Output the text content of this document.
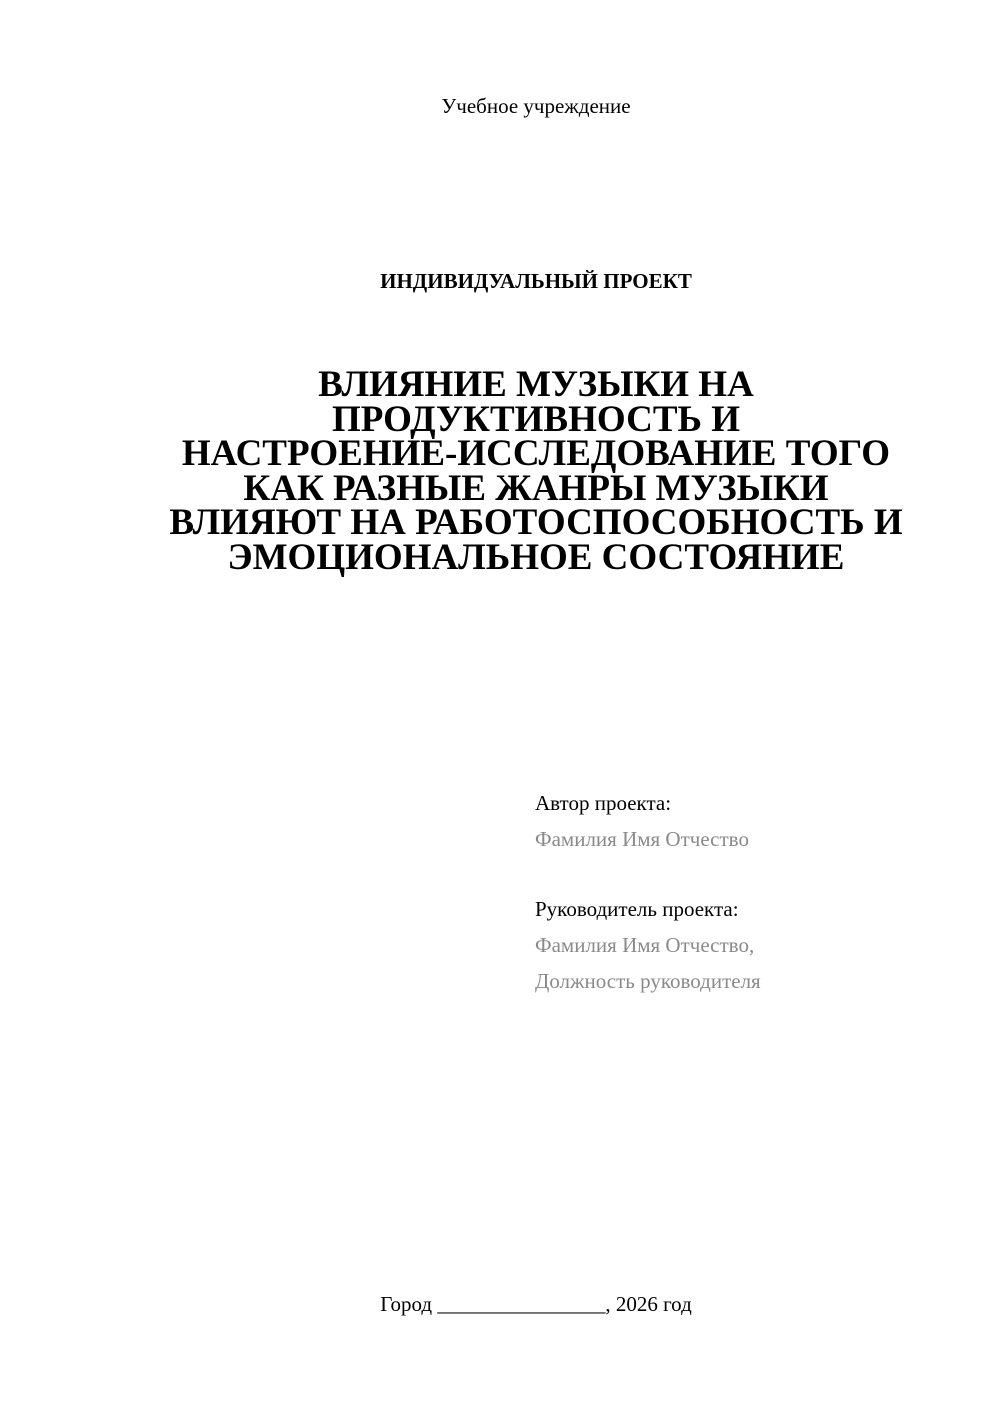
Учебное учреждение
ИНДИВИДУАЛЬНЫЙ ПРОЕКТ
ВЛИЯНИЕ МУЗЫКИ НА
ПРОДУКТИВНОСТЬ И
НАСТРОЕНИЕ-ИССЛЕДОВАНИЕ ТОГО
КАК РАЗНЫЕ ЖАНРЫ МУЗЫКИ
ВЛИЯЮТ НА РАБОТОСПОСОБНОСТЬ И
ЭМОЦИОНАЛЬНОЕ СОСТОЯНИЕ
Автор проекта:
Фамилия Имя Отчество
Руководитель проекта:
Фамилия Имя Отчество,
Должность руководителя
Город ________________, 2026 год
